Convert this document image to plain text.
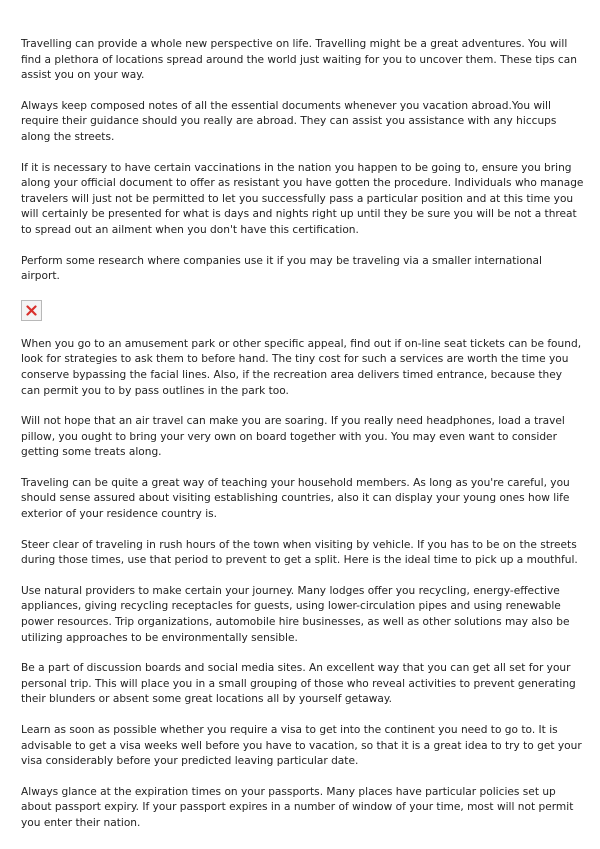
Travelling can provide a whole new perspective on life. Travelling might be a great adventures. You will find a plethora of locations spread around the world just waiting for you to uncover them. These tips can assist you on your way.

Always keep composed notes of all the essential documents whenever you vacation abroad.You will require their guidance should you really are abroad. They can assist you assistance with any hiccups along the streets.

If it is necessary to have certain vaccinations in the nation you happen to be going to, ensure you bring along your official document to offer as resistant you have gotten the procedure. Individuals who manage travelers will just not be permitted to let you successfully pass a particular position and at this time you will certainly be presented for what is days and nights right up until they be sure you will be not a threat to spread out an ailment when you don't have this certification.

Perform some research where companies use it if you may be traveling via a smaller international airport.

When you go to an amusement park or other specific appeal, find out if on-line seat tickets can be found, look for strategies to ask them to before hand. The tiny cost for such a services are worth the time you conserve bypassing the facial lines. Also, if the recreation area delivers timed entrance, because they can permit you to by pass outlines in the park too.

Will not hope that an air travel can make you are soaring. If you really need headphones, load a travel pillow, you ought to bring your very own on board together with you. You may even want to consider getting some treats along.

Traveling can be quite a great way of teaching your household members. As long as you're careful, you should sense assured about visiting establishing countries, also it can display your young ones how life exterior of your residence country is.

Steer clear of traveling in rush hours of the town when visiting by vehicle. If you has to be on the streets during those times, use that period to prevent to get a split. Here is the ideal time to pick up a mouthful.

Use natural providers to make certain your journey. Many lodges offer you recycling, energy-effective appliances, giving recycling receptacles for guests, using lower-circulation pipes and using renewable power resources. Trip organizations, automobile hire businesses, as well as other solutions may also be utilizing approaches to be environmentally sensible.

Be a part of discussion boards and social media sites. An excellent way that you can get all set for your personal trip. This will place you in a small grouping of those who reveal activities to prevent generating their blunders or absent some great locations all by yourself getaway.

Learn as soon as possible whether you require a visa to get into the continent you need to go to. It is advisable to get a visa weeks well before you have to vacation, so that it is a great idea to try to get your visa considerably before your predicted leaving particular date.

Always glance at the expiration times on your passports. Many places have particular policies set up about passport expiry. If your passport expires in a number of window of your time, most will not permit you enter their nation.
